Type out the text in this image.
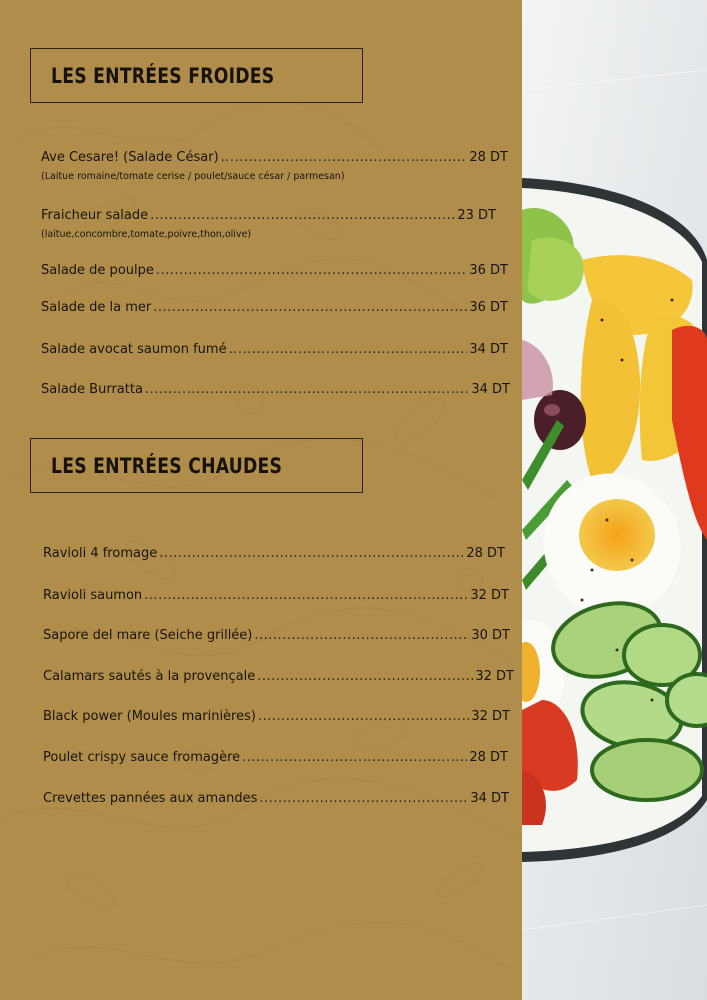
LES ENTRÉES FROIDES
Ave Cesare! (Salade César) .....	28 DT
(Laitue romaine/tomate cerise / poulet/sauce césar / parmesan)
Fraicheur salade .....	23 DT
(laitue,concombre,tomate,poivre,thon,olive)
Salade de poulpe .....	36 DT
Salade de la mer .....	36 DT
Salade avocat saumon fumé .....	34 DT
Salade Burratta .....	34 DT
LES ENTRÉES CHAUDES
Ravioli 4 fromage .....	28 DT
Ravioli saumon .....	32 DT
Sapore del mare (Seiche grillée) .....	30 DT
Calamars sautés à la provençale .....	32 DT
Black power (Moules marinières) .....	32 DT
Poulet crispy sauce fromagère .....	28 DT
Crevettes pannées aux amandes .....	34 DT
